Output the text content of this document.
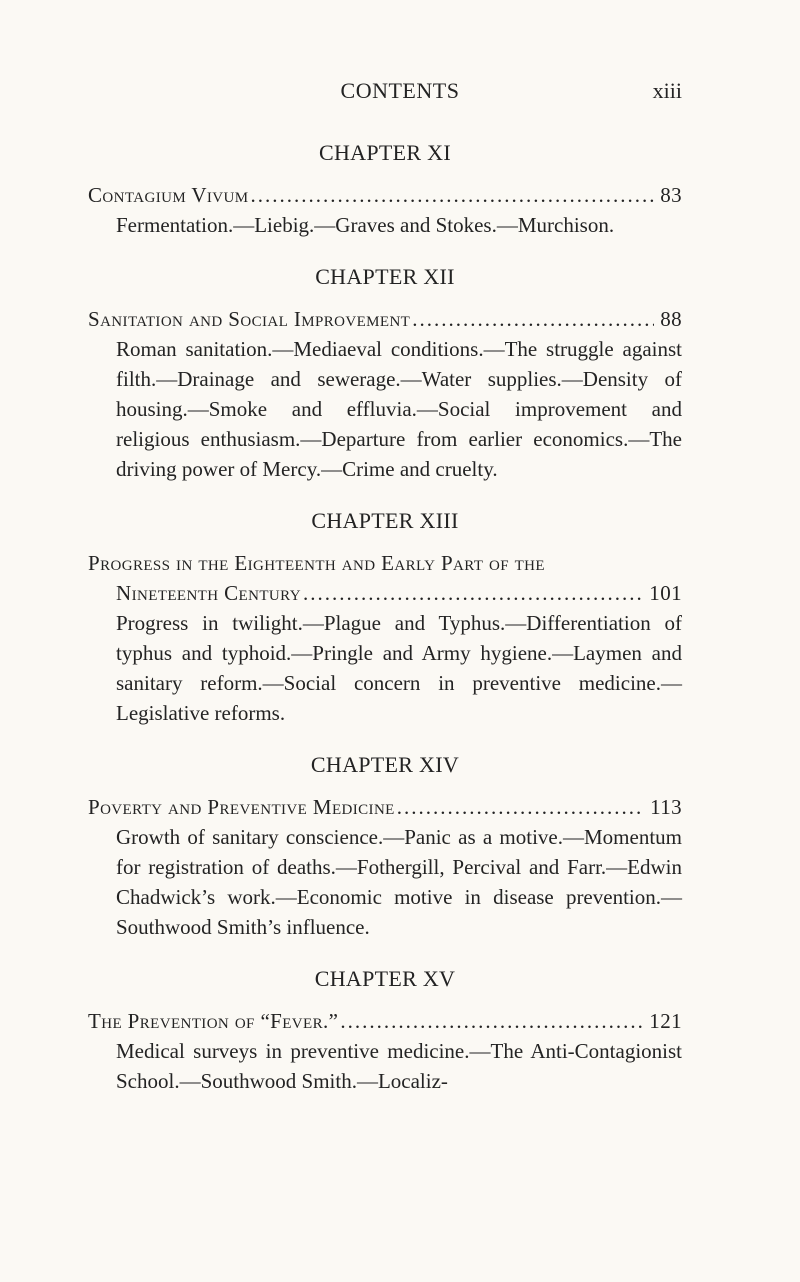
CONTENTS	xiii
CHAPTER XI
Contagium Vivum .....	83
Fermentation.—Liebig.—Graves and Stokes.—Murchison.
CHAPTER XII
Sanitation and Social Improvement .....	88
Roman sanitation.—Mediaeval conditions.—The struggle against filth.—Drainage and sewerage.—Water supplies.—Density of housing.—Smoke and effluvia.—Social improvement and religious enthusiasm.—Departure from earlier economics.—The driving power of Mercy.—Crime and cruelty.
CHAPTER XIII
Progress in the Eighteenth and Early Part of the
Nineteenth Century .....	101
Progress in twilight.—Plague and Typhus.—Differentiation of typhus and typhoid.—Pringle and Army hygiene.—Laymen and sanitary reform.—Social concern in preventive medicine.—Legislative reforms.
CHAPTER XIV
Poverty and Preventive Medicine .....	113
Growth of sanitary conscience.—Panic as a motive.—Momentum for registration of deaths.—Fothergill, Percival and Farr.—Edwin Chadwick’s work.—Economic motive in disease prevention.—Southwood Smith’s influence.
CHAPTER XV
The Prevention of “Fever.” .....	121
Medical surveys in preventive medicine.—The Anti-Contagionist School.—Southwood Smith.—Localiz-
